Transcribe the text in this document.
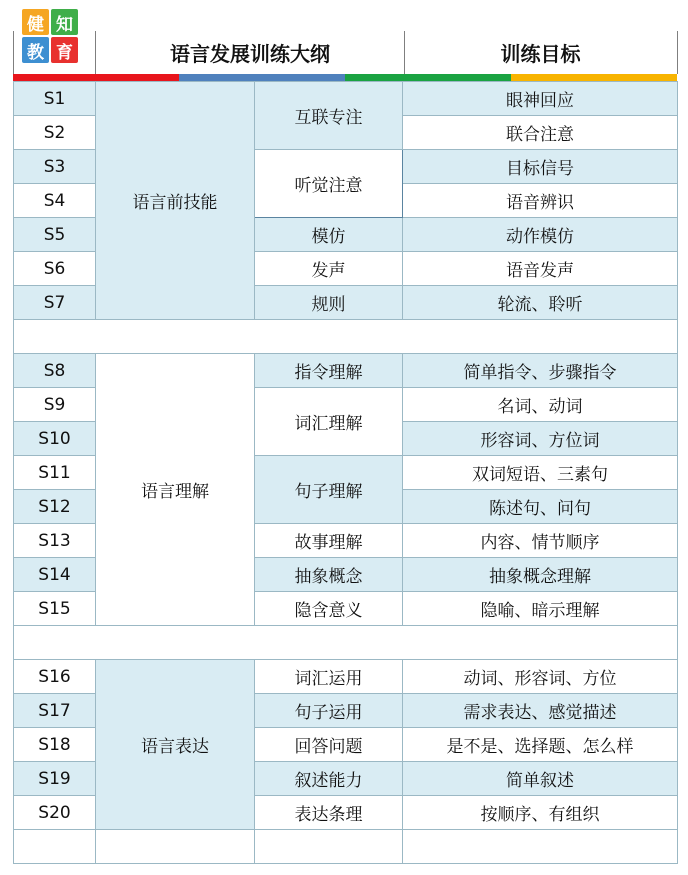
健 知
教 育	语言发展训练大纲	训练目标
S1	语言前技能	互联专注	眼神回应
S2			联合注意
S3		听觉注意	目标信号
S4			语音辨识
S5		模仿	动作模仿
S6		发声	语音发声
S7		规则	轮流、聆听

S8	语言理解	指令理解	简单指令、步骤指令
S9		词汇理解	名词、动词
S10			形容词、方位词
S11		句子理解	双词短语、三素句
S12			陈述句、问句
S13		故事理解	内容、情节顺序
S14		抽象概念	抽象概念理解
S15		隐含意义	隐喻、暗示理解

S16	语言表达	词汇运用	动词、形容词、方位
S17		句子运用	需求表达、感觉描述
S18		回答问题	是不是、选择题、怎么样
S19		叙述能力	简单叙述
S20		表达条理	按顺序、有组织
